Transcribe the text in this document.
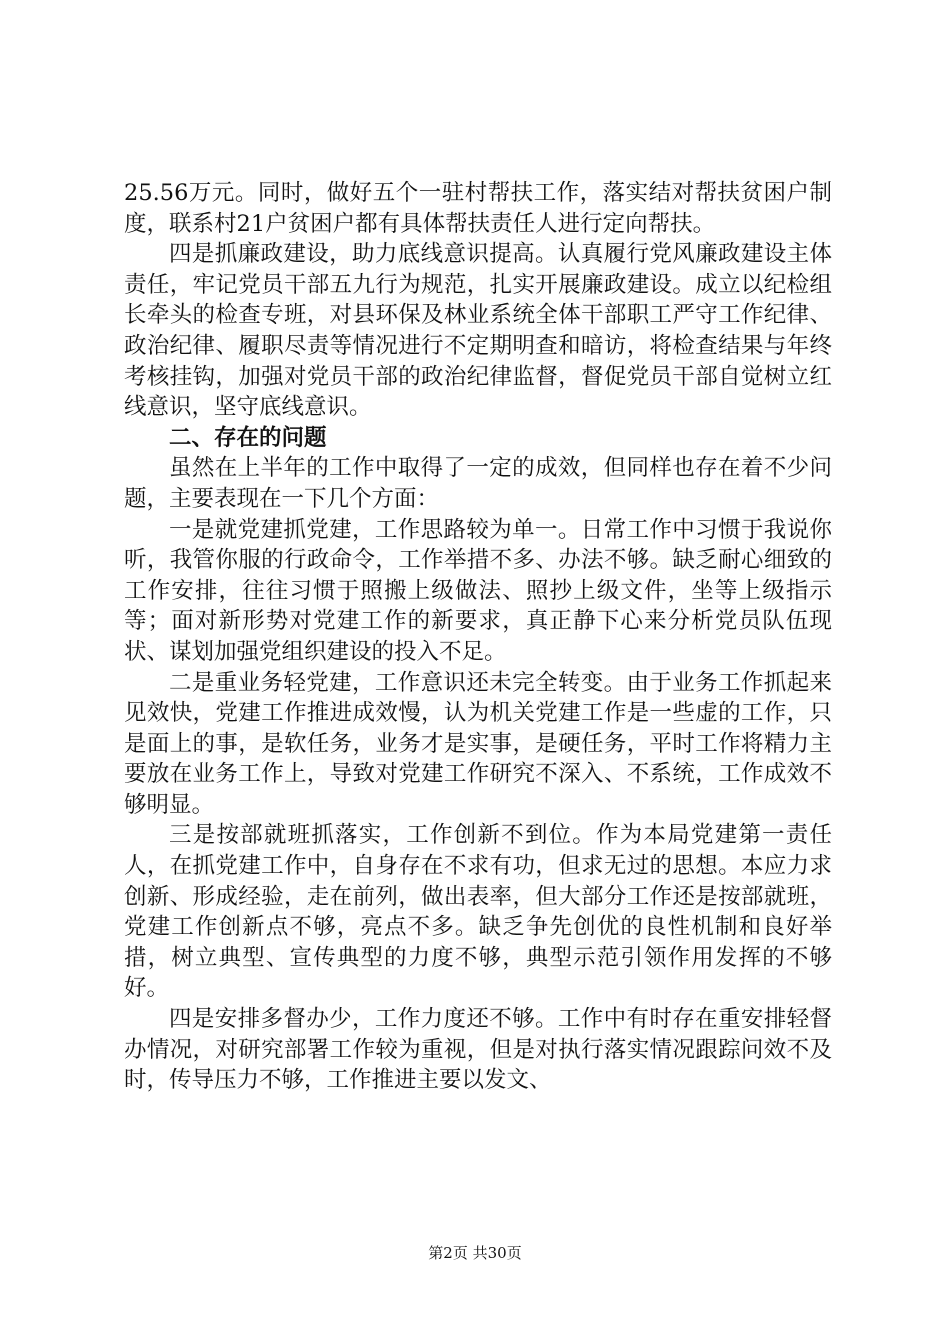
25.56万元。同时，做好五个一驻村帮扶工作，落实结对帮扶贫困户制度，联系村21户贫困户都有具体帮扶责任人进行定向帮扶。

四是抓廉政建设，助力底线意识提高。认真履行党风廉政建设主体责任，牢记党员干部五九行为规范，扎实开展廉政建设。成立以纪检组长牵头的检查专班，对县环保及林业系统全体干部职工严守工作纪律、政治纪律、履职尽责等情况进行不定期明查和暗访，将检查结果与年终考核挂钩，加强对党员干部的政治纪律监督，督促党员干部自觉树立红线意识，坚守底线意识。

二、存在的问题

虽然在上半年的工作中取得了一定的成效，但同样也存在着不少问题，主要表现在一下几个方面：

一是就党建抓党建，工作思路较为单一。日常工作中习惯于我说你听，我管你服的行政命令，工作举措不多、办法不够。缺乏耐心细致的工作安排，往往习惯于照搬上级做法、照抄上级文件，坐等上级指示等；面对新形势对党建工作的新要求，真正静下心来分析党员队伍现状、谋划加强党组织建设的投入不足。

二是重业务轻党建，工作意识还未完全转变。由于业务工作抓起来见效快，党建工作推进成效慢，认为机关党建工作是一些虚的工作，只是面上的事，是软任务，业务才是实事，是硬任务，平时工作将精力主要放在业务工作上，导致对党建工作研究不深入、不系统，工作成效不够明显。

三是按部就班抓落实，工作创新不到位。作为本局党建第一责任人，在抓党建工作中，自身存在不求有功，但求无过的思想。本应力求创新、形成经验，走在前列，做出表率，但大部分工作还是按部就班，党建工作创新点不够，亮点不多。缺乏争先创优的良性机制和良好举措，树立典型、宣传典型的力度不够，典型示范引领作用发挥的不够好。

四是安排多督办少，工作力度还不够。工作中有时存在重安排轻督办情况，对研究部署工作较为重视，但是对执行落实情况跟踪问效不及时，传导压力不够，工作推进主要以发文、

第2页 共30页
